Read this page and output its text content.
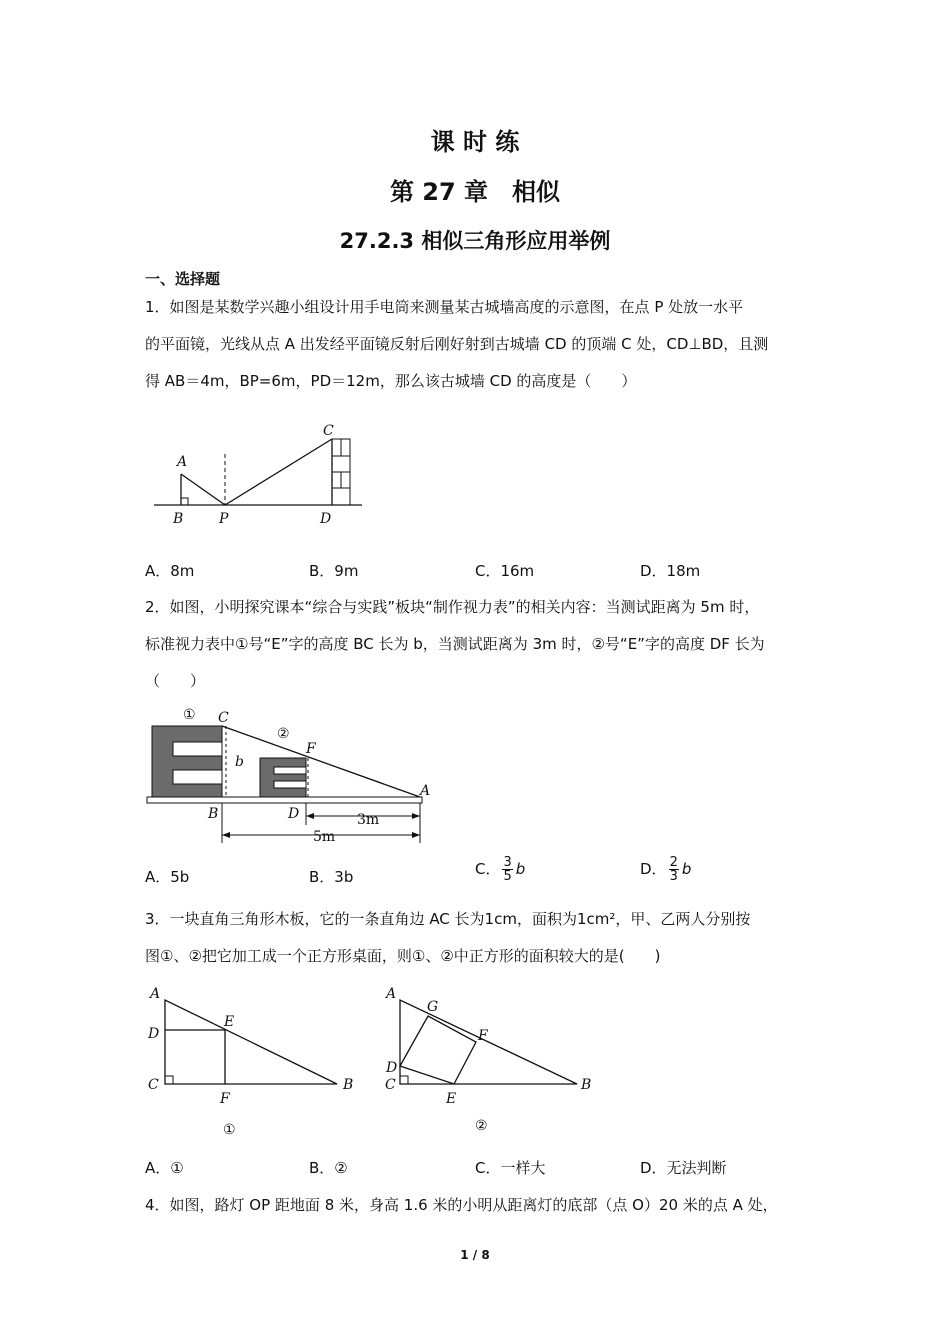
课 时 练
第 27 章　相似
27.2.3 相似三角形应用举例
一、选择题
1．如图是某数学兴趣小组设计用手电筒来测量某古城墙高度的示意图，在点 P 处放一水平
的平面镜，光线从点 A 出发经平面镜反射后刚好射到古城墙 CD 的顶端 C 处，CD⊥BD，且测
得 AB＝4m，BP=6m，PD＝12m，那么该古城墙 CD 的高度是（　　）
A
B	P
C
D
A．8m	B．9m	C．16m	D．18m
2．如图，小明探究课本“综合与实践”板块“制作视力表”的相关内容：当测试距离为 5m 时，
标准视力表中①号“E”字的高度 BC 长为 b，当测试距离为 3m 时，②号“E”字的高度 DF 长为
（　　）
① C
②
F
b
A
B	D	3m
5m
A．5b	B．3b	C． $\frac{3}{5}$ b	D． $\frac{2}{3}$ b
3．一块直角三角形木板，它的一条直角边 AC 长为1cm，面积为1cm²，甲、乙两人分别按
图①、②把它加工成一个正方形桌面，则①、②中正方形的面积较大的是(　　)
A
D
E
C
F
B
①
A
G
F
D
C
E
B
②
A．①	B．②	C．一样大	D．无法判断
4．如图，路灯 OP 距地面 8 米，身高 1.6 米的小明从距离灯的底部（点 O）20 米的点 A 处，
1 / 8
